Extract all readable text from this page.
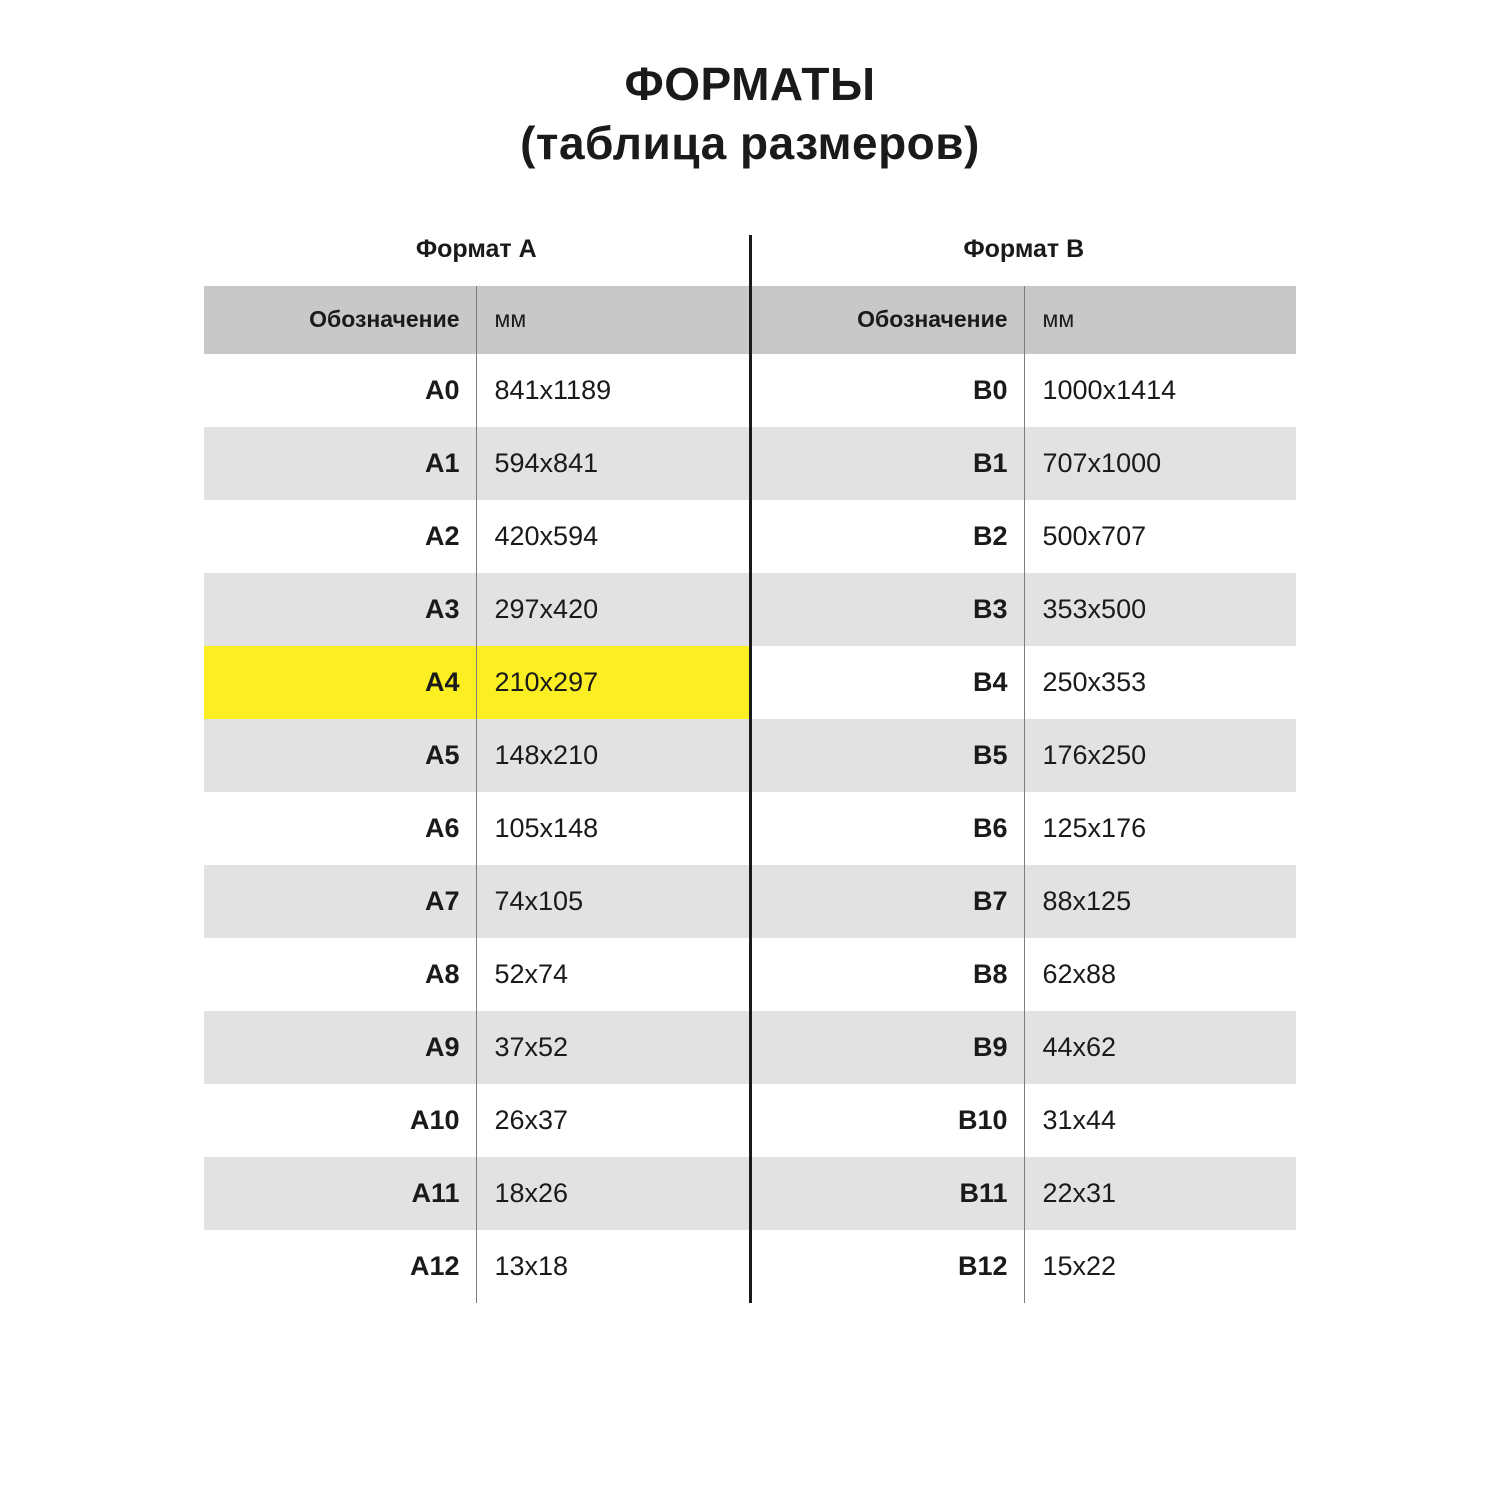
ФОРМАТЫ
(таблица размеров)
Формат А		Формат В	
Обозначение	мм	Обозначение	мм
A0	841x1189	B0	1000x1414
A1	594x841	B1	707x1000
A2	420x594	B2	500x707
A3	297x420	B3	353x500
A4	210x297	B4	250x353
A5	148x210	B5	176x250
A6	105x148	B6	125x176
A7	74x105	B7	88x125
A8	52x74	B8	62x88
A9	37x52	B9	44x62
A10	26x37	B10	31x44
A11	18x26	B11	22x31
A12	13x18	B12	15x22
